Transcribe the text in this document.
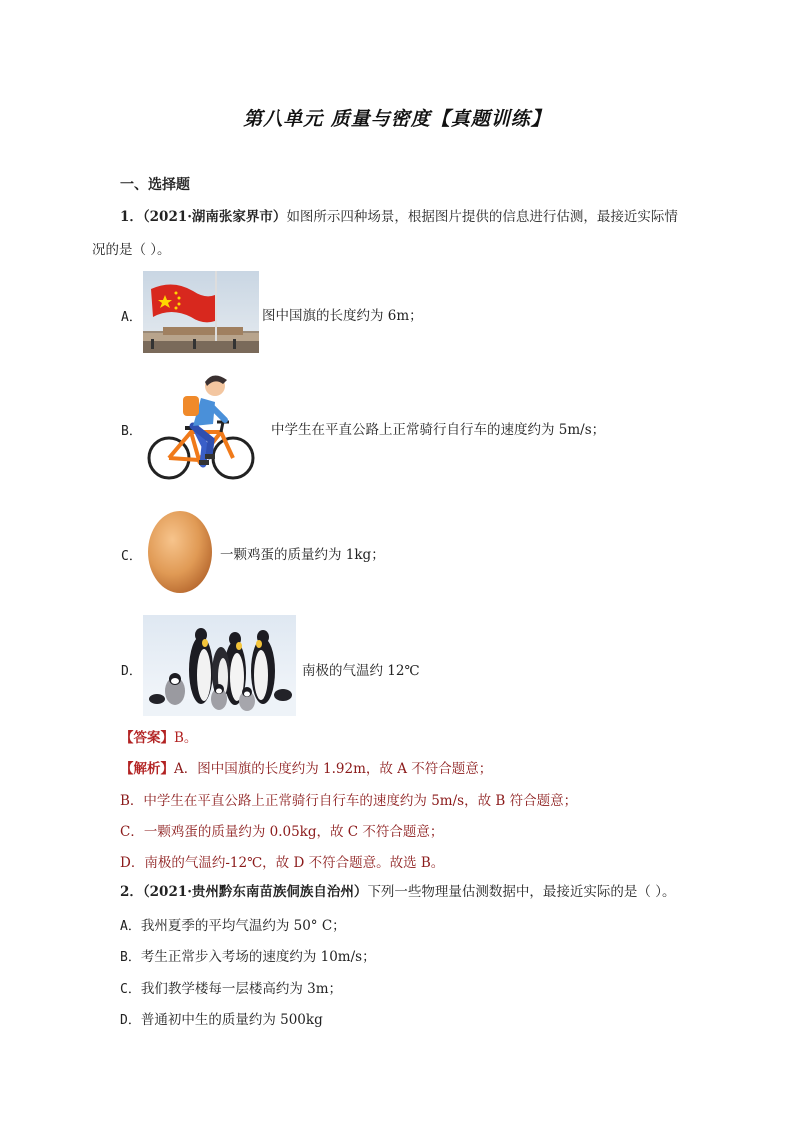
第八单元 质量与密度【真题训练】
一、选择题
1．（2021·湖南张家界市）如图所示四种场景，根据图片提供的信息进行估测，最接近实际情
况的是（ ）。
A．	图中国旗的长度约为 6m；
B．	中学生在平直公路上正常骑行自行车的速度约为 5m/s；
C．	一颗鸡蛋的质量约为 1kg；
D．	南极的气温约 12℃
【答案】B。
【解析】A．图中国旗的长度约为 1.92m，故 A 不符合题意；
B．中学生在平直公路上正常骑行自行车的速度约为 5m/s，故 B 符合题意；
C．一颗鸡蛋的质量约为 0.05kg，故 C 不符合题意；
D．南极的气温约-12℃，故 D 不符合题意。故选 B。
2．（2021·贵州黔东南苗族侗族自治州）下列一些物理量估测数据中，最接近实际的是（ ）。
A．我州夏季的平均气温约为 50° C；
B．考生正常步入考场的速度约为 10m/s；
C．我们教学楼每一层楼高约为 3m；
D．普通初中生的质量约为 500kg
